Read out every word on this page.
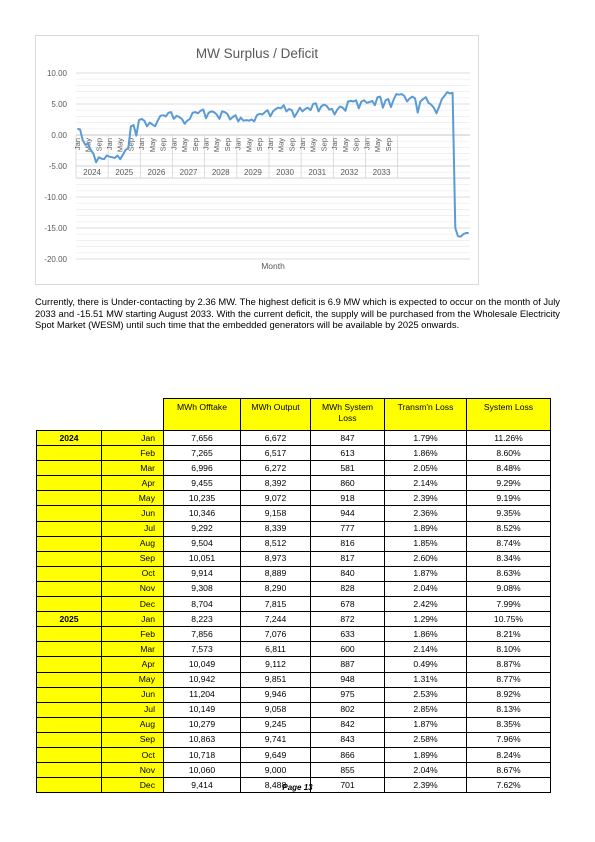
MW Surplus / Deficit
10.00
5.00
0.00
-5.00
-10.00
-15.00
-20.00
Jan May Sep
2024
Jan May Sep
2025
Jan May Sep
2026
Jan May Sep
2027
Jan May Sep
2028
Jan May Sep
2029
Jan May Sep
2030
Jan May Sep
2031
Jan May Sep
2032
Jan May Sep
2033
Month

Currently, there is Under-contacting by 2.36 MW. The highest deficit is 6.9 MW which is expected to occur on the month of July 2033 and -15.51 MW starting August 2033. With the current deficit, the supply will be purchased from the Wholesale Electricity Spot Market (WESM) until such time that the embedded generators will be available by 2025 onwards.

		MWh Offtake	MWh Output	MWh System Loss	Transm'n Loss	System Loss
2024	Jan	7,656	6,672	847	1.79%	11.26%
	Feb	7,265	6,517	613	1.86%	8.60%
	Mar	6,996	6,272	581	2.05%	8.48%
	Apr	9,455	8,392	860	2.14%	9.29%
	May	10,235	9,072	918	2.39%	9.19%
	Jun	10,346	9,158	944	2.36%	9.35%
	Jul	9,292	8,339	777	1.89%	8.52%
	Aug	9,504	8,512	816	1.85%	8.74%
	Sep	10,051	8,973	817	2.60%	8.34%
	Oct	9,914	8,889	840	1.87%	8.63%
	Nov	9,308	8,290	828	2.04%	9.08%
	Dec	8,704	7,815	678	2.42%	7.99%
2025	Jan	8,223	7,244	872	1.29%	10.75%
	Feb	7,856	7,076	633	1.86%	8.21%
	Mar	7,573	6,811	600	2.14%	8.10%
	Apr	10,049	9,112	887	0.49%	8.87%
	May	10,942	9,851	948	1.31%	8.77%
	Jun	11,204	9,946	975	2.53%	8.92%
	Jul	10,149	9,058	802	2.85%	8.13%
	Aug	10,279	9,245	842	1.87%	8.35%
	Sep	10,863	9,741	843	2.58%	7.96%
	Oct	10,718	9,649	866	1.89%	8.24%
	Nov	10,060	9,000	855	2.04%	8.67%
	Dec	9,414	8,488	701	2.39%	7.62%
Page 13
